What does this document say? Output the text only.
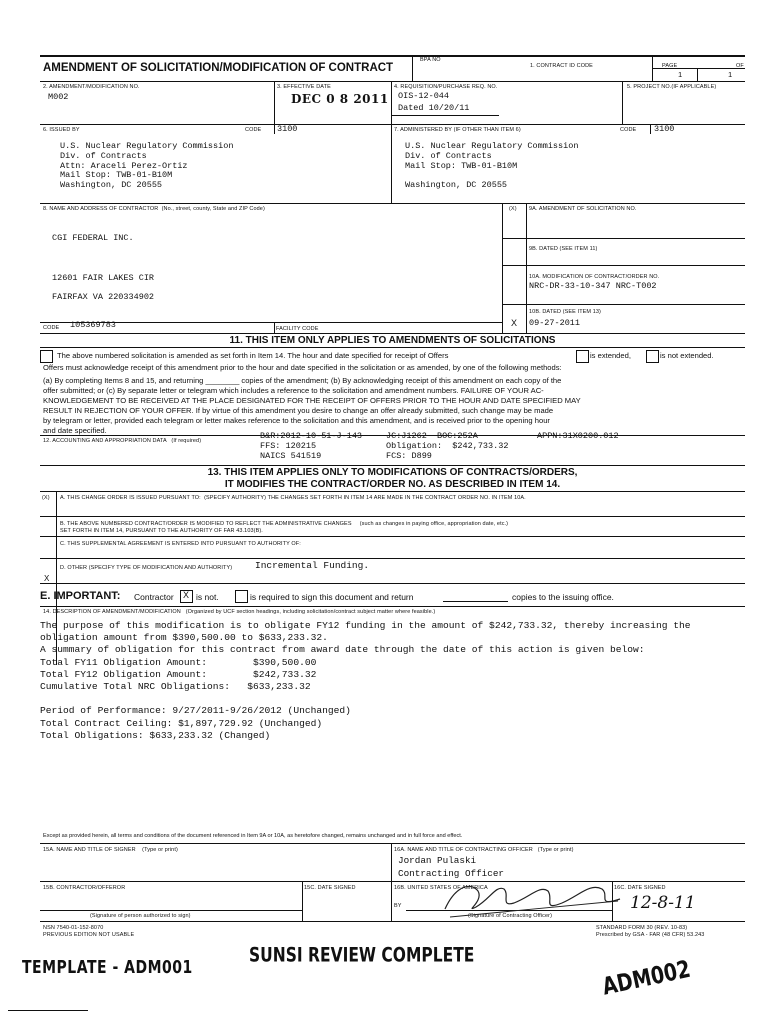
AMENDMENT OF SOLICITATION/MODIFICATION OF CONTRACT
BPA NO
1. CONTRACT ID CODE	PAGE	OF
1	1
2. AMENDMENT/MODIFICATION NO.
M002
3. EFFECTIVE DATE
DEC 0 8 2011
4. REQUISITION/PURCHASE REQ. NO.
OIS-12-044
Dated 10/20/11
5. PROJECT NO.(IF APPLICABLE)
6. ISSUED BY	CODE 3100
U.S. Nuclear Regulatory Commission
Div. of Contracts
Attn: Araceli Perez-Ortiz
Mail Stop: TWB-01-B10M
Washington, DC 20555
7. ADMINISTERED BY (IF OTHER THAN ITEM 6)	CODE 3100
U.S. Nuclear Regulatory Commission
Div. of Contracts
Mail Stop: TWB-01-B10M

Washington, DC 20555
8. NAME AND ADDRESS OF CONTRACTOR (No., street, county, State and ZIP Code)
CGI FEDERAL INC.
12601 FAIR LAKES CIR
FAIRFAX VA 220334902
(X) 9A. AMENDMENT OF SOLICITATION NO.
9B. DATED (SEE ITEM 11)
10A. MODIFICATION OF CONTRACT/ORDER NO.
NRC-DR-33-10-347 NRC-T002
10B. DATED (SEE ITEM 13)
X 09-27-2011
CODE 105369783	FACILITY CODE
11. THIS ITEM ONLY APPLIES TO AMENDMENTS OF SOLICITATIONS
The above numbered solicitation is amended as set forth in Item 14. The hour and date specified for receipt of Offers	is extended,	is not extended.
Offers must acknowledge receipt of this amendment prior to the hour and date specified in the solicitation or as amended, by one of the following methods:
(a) By completing Items 8 and 15, and returning ________ copies of the amendment; (b) By acknowledging receipt of this amendment on each copy of the
offer submitted; or (c) By separate letter or telegram which includes a reference to the solicitation and amendment numbers. FAILURE OF YOUR AC-
KNOWLEDGEMENT TO BE RECEIVED AT THE PLACE DESIGNATED FOR THE RECEIPT OF OFFERS PRIOR TO THE HOUR AND DATE SPECIFIED MAY
RESULT IN REJECTION OF YOUR OFFER. If by virtue of this amendment you desire to change an offer already submitted, such change may be made
by telegram or letter, provided each telegram or letter makes reference to the solicitation and this amendment, and is received prior to the opening hour
and date specified.
12. ACCOUNTING AND APPROPRIATION DATA (If required)	B&R:2012-10-51-J-143
FFS: 120215
NAICS 541519
JC:J1262  BOC:252A
Obligation:  $242,733.32
FCS: D899
APPN:31X0200.012
13. THIS ITEM APPLIES ONLY TO MODIFICATIONS OF CONTRACTS/ORDERS,
IT MODIFIES THE CONTRACT/ORDER NO. AS DESCRIBED IN ITEM 14.
(X) A. THIS CHANGE ORDER IS ISSUED PURSUANT TO: (SPECIFY AUTHORITY) THE CHANGES SET FORTH IN ITEM 14 ARE MADE IN THE CONTRACT ORDER NO. IN ITEM 10A.
B. THE ABOVE NUMBERED CONTRACT/ORDER IS MODIFIED TO REFLECT THE ADMINISTRATIVE CHANGES (such as changes in paying office, appropriation date, etc.)
SET FORTH IN ITEM 14, PURSUANT TO THE AUTHORITY OF FAR 43.103(B).
C. THIS SUPPLEMENTAL AGREEMENT IS ENTERED INTO PURSUANT TO AUTHORITY OF:
D. OTHER (SPECIFY TYPE OF MODIFICATION AND AUTHORITY) Incremental Funding.
X
E. IMPORTANT: Contractor X is not.	is required to sign this document and return	copies to the issuing office.
14. DESCRIPTION OF AMENDMENT/MODIFICATION (Organized by UCF section headings, including solicitation/contract subject matter where feasible.)
The purpose of this modification is to obligate FY12 funding in the amount of $242,733.32, thereby increasing the
obligation amount from $390,500.00 to $633,233.32.
A summary of obligation for this contract from award date through the date of this action is given below:
Total FY11 Obligation Amount:        $390,500.00
Total FY12 Obligation Amount:        $242,733.32
Cumulative Total NRC Obligations:   $633,233.32

Period of Performance: 9/27/2011-9/26/2012 (Unchanged)
Total Contract Ceiling: $1,897,729.92 (Unchanged)
Total Obligations: $633,233.32 (Changed)
Except as provided herein, all terms and conditions of the document referenced in Item 9A or 10A, as heretofore changed, remains unchanged and in full force and effect.
15A. NAME AND TITLE OF SIGNER (Type or print)	16A. NAME AND TITLE OF CONTRACTING OFFICER (Type or print)
Jordan Pulaski
Contracting Officer
15B. CONTRACTOR/OFFEROR	15C. DATE SIGNED
(Signature of person authorized to sign)
16B. UNITED STATES OF AMERICA
BY
(Signature of Contracting Officer)
16C. DATE SIGNED
12-8-11
NSN 7540-01-152-8070
PREVIOUS EDITION NOT USABLE
STANDARD FORM 30 (REV. 10-83)
Prescribed by GSA - FAR (48 CFR) 53.243
TEMPLATE - ADM001
SUNSI REVIEW COMPLETE
ADM002
